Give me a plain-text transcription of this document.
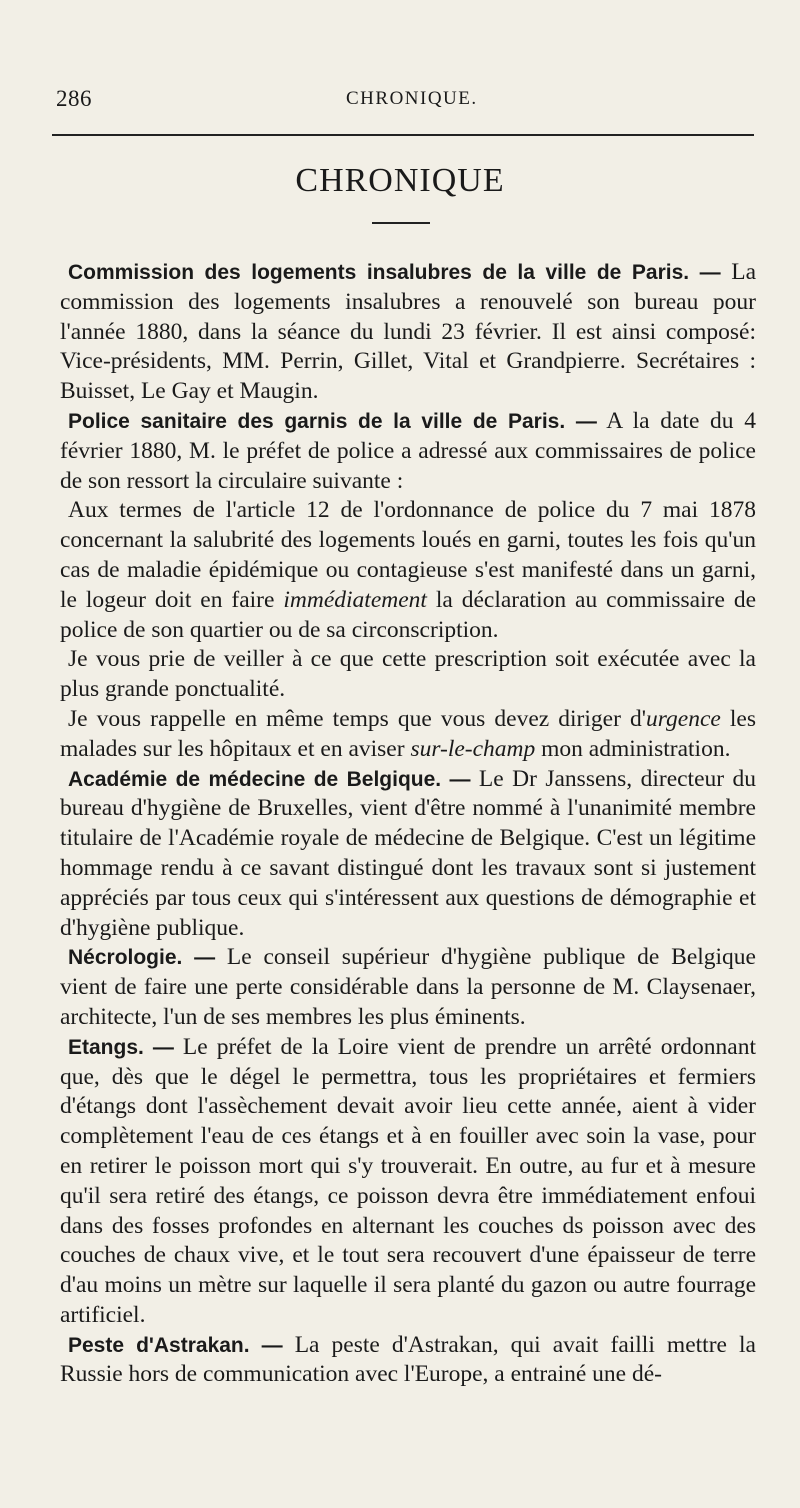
286	CHRONIQUE.
CHRONIQUE

Commission des logements insalubres de la ville de Paris. — La commission des logements insalubres a renouvelé son bureau pour l'année 1880, dans la séance du lundi 23 février. Il est ainsi composé: Vice-présidents, MM. Perrin, Gillet, Vital et Grandpierre. Secrétaires : Buisset, Le Gay et Maugin.

Police sanitaire des garnis de la ville de Paris. — A la date du 4 février 1880, M. le préfet de police a adressé aux commissaires de police de son ressort la circulaire suivante :

Aux termes de l'article 12 de l'ordonnance de police du 7 mai 1878 concernant la salubrité des logements loués en garni, toutes les fois qu'un cas de maladie épidémique ou contagieuse s'est manifesté dans un garni, le logeur doit en faire immédiatement la déclaration au commissaire de police de son quartier ou de sa circonscription.

Je vous prie de veiller à ce que cette prescription soit exécutée avec la plus grande ponctualité.

Je vous rappelle en même temps que vous devez diriger d'urgence les malades sur les hôpitaux et en aviser sur-le-champ mon administration.

Académie de médecine de Belgique. — Le Dr Janssens, directeur du bureau d'hygiène de Bruxelles, vient d'être nommé à l'unanimité membre titulaire de l'Académie royale de médecine de Belgique. C'est un légitime hommage rendu à ce savant distingué dont les travaux sont si justement appréciés par tous ceux qui s'intéressent aux questions de démographie et d'hygiène publique.

Nécrologie. — Le conseil supérieur d'hygiène publique de Belgique vient de faire une perte considérable dans la personne de M. Claysenaer, architecte, l'un de ses membres les plus éminents.

Etangs. — Le préfet de la Loire vient de prendre un arrêté ordonnant que, dès que le dégel le permettra, tous les propriétaires et fermiers d'étangs dont l'assèchement devait avoir lieu cette année, aient à vider complètement l'eau de ces étangs et à en fouiller avec soin la vase, pour en retirer le poisson mort qui s'y trouverait. En outre, au fur et à mesure qu'il sera retiré des étangs, ce poisson devra être immédiatement enfoui dans des fosses profondes en alternant les couches ds poisson avec des couches de chaux vive, et le tout sera recouvert d'une épaisseur de terre d'au moins un mètre sur laquelle il sera planté du gazon ou autre fourrage artificiel.

Peste d'Astrakan. — La peste d'Astrakan, qui avait failli mettre la Russie hors de communication avec l'Europe, a entrainé une dé-
